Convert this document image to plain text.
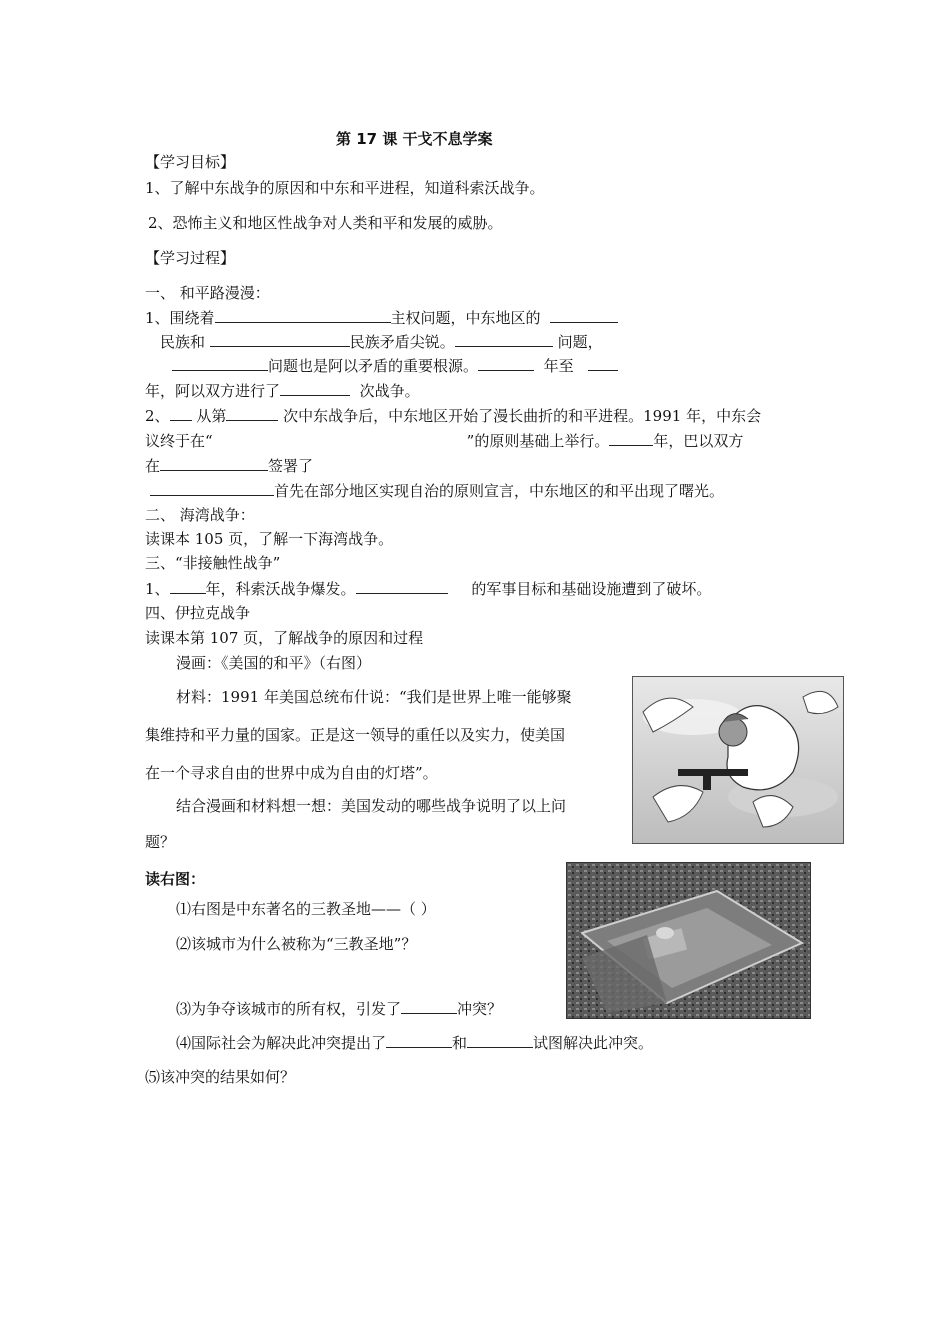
第 17 课 干戈不息学案
【学习目标】
1、了解中东战争的原因和中东和平进程，知道科索沃战争。
2、恐怖主义和地区性战争对人类和平和发展的威胁。
【学习过程】
一、 和平路漫漫：
1、围绕着	主权问题，中东地区的
民族和	民族矛盾尖锐。	问题，
问题也是阿以矛盾的重要根源。	年至
年，阿以双方进行了	次战争。
2、 从第	次中东战争后，中东地区开始了漫长曲折的和平进程。1991 年，中东会
议终于在“	”的原则基础上举行。	年，巴以双方
在	签署了
首先在部分地区实现自治的原则宣言，中东地区的和平出现了曙光。
二、 海湾战争：
读课本 105 页，了解一下海湾战争。
三、“非接触性战争”
1、 年，科索沃战争爆发。	的军事目标和基础设施遭到了破坏。
四、伊拉克战争
读课本第 107 页，了解战争的原因和过程
漫画：《美国的和平》（右图）
材料：1991 年美国总统布什说：“我们是世界上唯一能够聚
集维持和平力量的国家。正是这一领导的重任以及实力，使美国
在一个寻求自由的世界中成为自由的灯塔”。
结合漫画和材料想一想：美国发动的哪些战争说明了以上问
题？
读右图：
⑴右图是中东著名的三教圣地——（ ）
⑵该城市为什么被称为“三教圣地”？
⑶为争夺该城市的所有权，引发了	冲突？
⑷国际社会为解决此冲突提出了	和	试图解决此冲突。
⑸该冲突的结果如何？
